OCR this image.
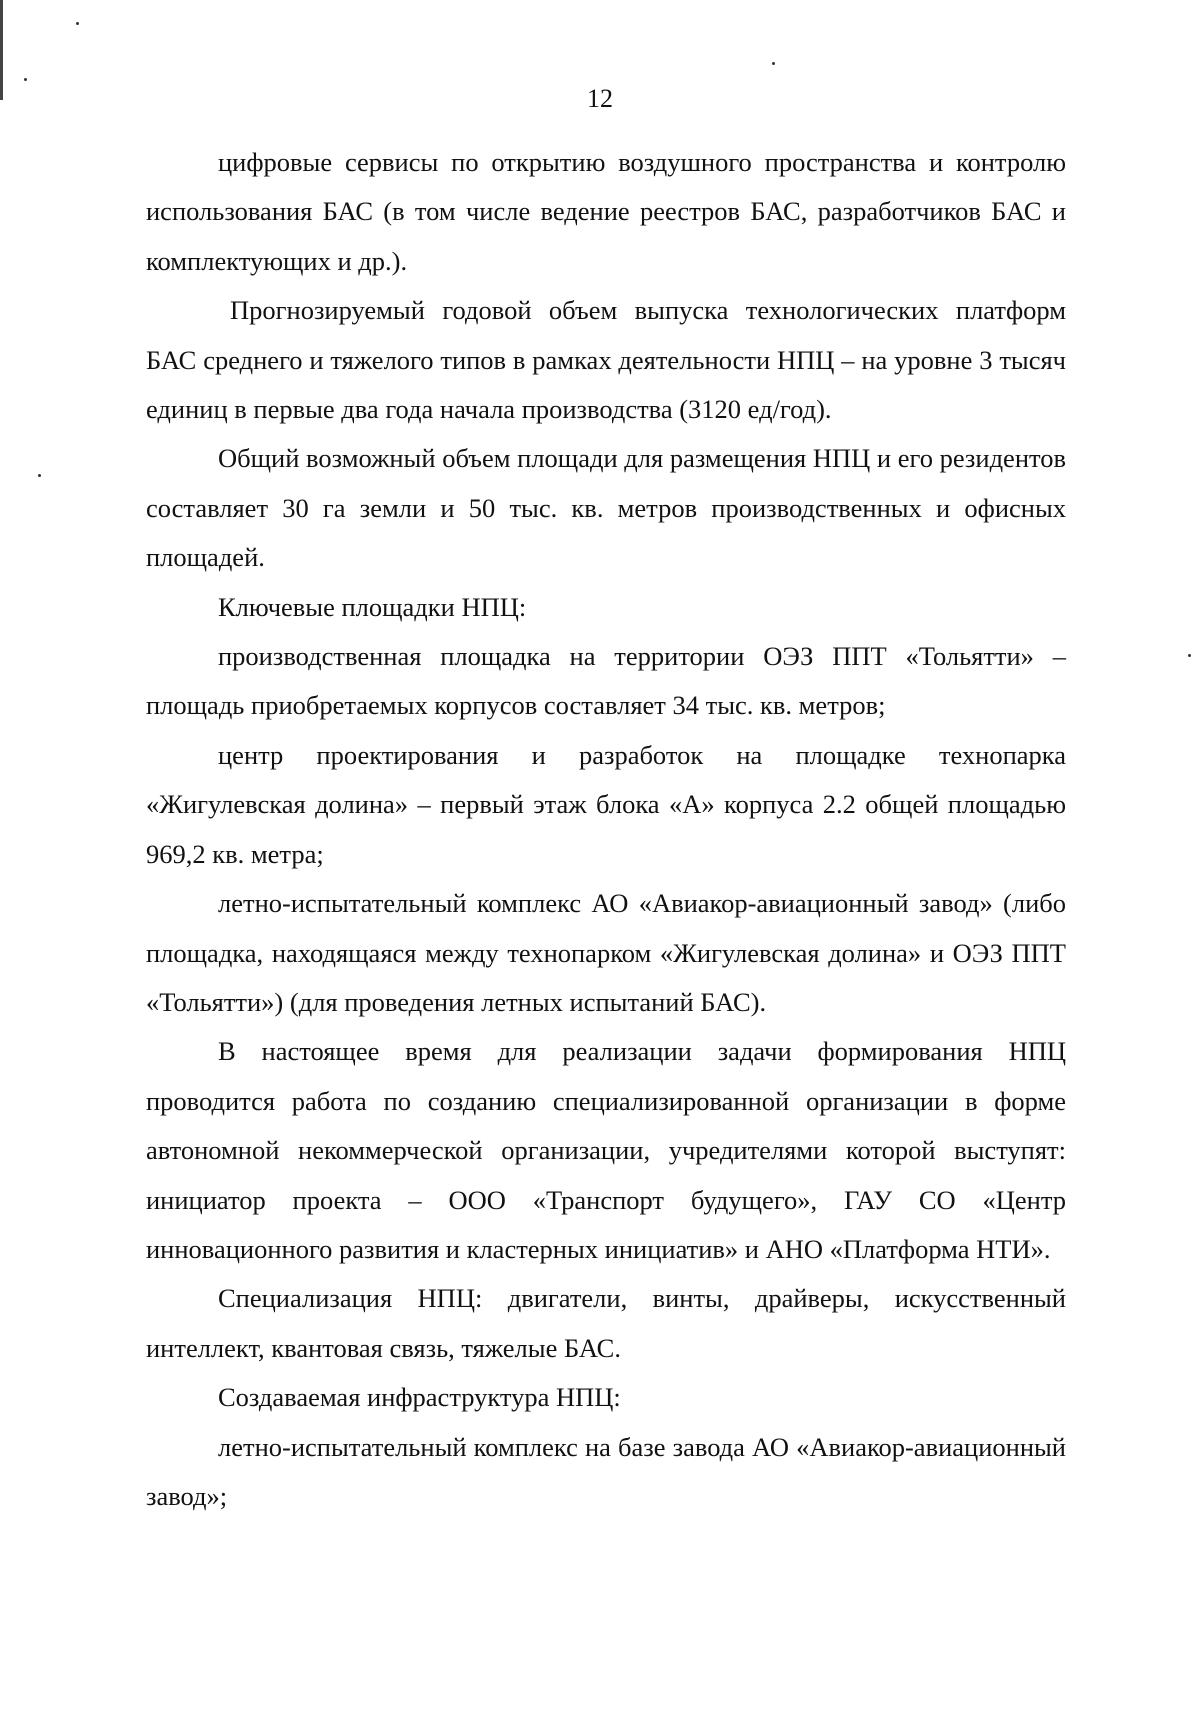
12

цифровые сервисы по открытию воздушного пространства и контролю использования БАС (в том числе ведение реестров БАС, разработчиков БАС и комплектующих и др.).

Прогнозируемый годовой объем выпуска технологических платформ БАС среднего и тяжелого типов в рамках деятельности НПЦ – на уровне 3 тысяч единиц в первые два года начала производства (3120 ед/год).

Общий возможный объем площади для размещения НПЦ и его резидентов составляет 30 га земли и 50 тыс. кв. метров производственных и офисных площадей.

Ключевые площадки НПЦ:

производственная площадка на территории ОЭЗ ППТ «Тольятти» – площадь приобретаемых корпусов составляет 34 тыс. кв. метров;

центр проектирования и разработок на площадке технопарка «Жигулевская долина» – первый этаж блока «А» корпуса 2.2 общей площадью 969,2 кв. метра;

летно-испытательный комплекс АО «Авиакор-авиационный завод» (либо площадка, находящаяся между технопарком «Жигулевская долина» и ОЭЗ ППТ «Тольятти») (для проведения летных испытаний БАС).

В настоящее время для реализации задачи формирования НПЦ проводится работа по созданию специализированной организации в форме автономной некоммерческой организации, учредителями которой выступят: инициатор проекта – ООО «Транспорт будущего», ГАУ СО «Центр инновационного развития и кластерных инициатив» и АНО «Платформа НТИ».

Специализация НПЦ: двигатели, винты, драйверы, искусственный интеллект, квантовая связь, тяжелые БАС.

Создаваемая инфраструктура НПЦ:

летно-испытательный комплекс на базе завода АО «Авиакор-авиационный завод»;
